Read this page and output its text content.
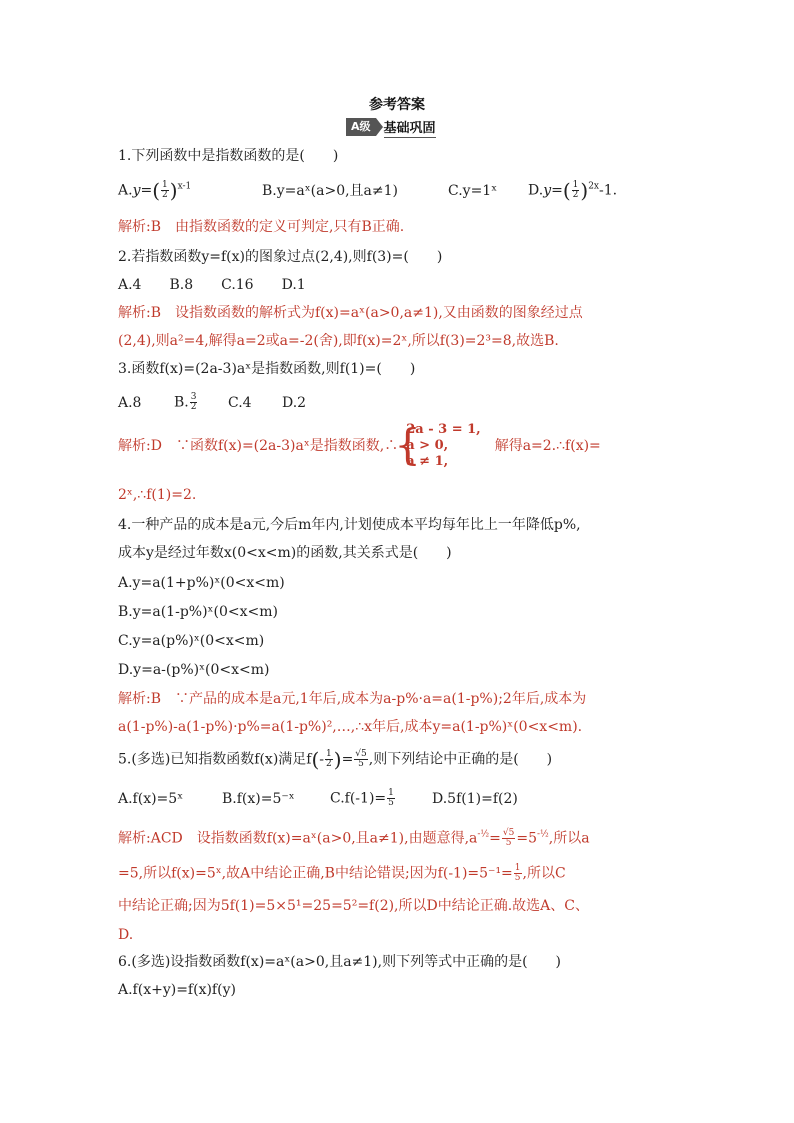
参考答案
A级	基础巩固
1.下列函数中是指数函数的是(　　)
$A.y=( \frac{1}{2} )^{x-1}$	B.y=aˣ(a>0,且a≠1)	C.y=1ˣ $D.y=( \frac{1}{2} )^{2x}-1$.
解析:B　由指数函数的定义可判定,只有B正确.
2.若指数函数y=f(x)的图象过点(2,4),则f(3)=(　　)
A.4　　B.8　　C.16　　D.1
解析:B　设指数函数的解析式为f(x)=aˣ(a>0,a≠1),又由函数的图象经过点
(2,4),则a²=4,解得a=2或a=-2(舍),即f(x)=2ˣ,所以f(3)=2³=8,故选B.
3.函数f(x)=(2a-3)aˣ是指数函数,则f(1)=(　　)
A.8 B. $\frac{3}{2} C.4$ D.2
解析:D　∵函数f(x)=(2a-3)aˣ是指数函数,∴
{ 2a - 3 = 1,
a > 0,
a ≠ 1,
　解得a=2.∴f(x)=
2ˣ,∴f(1)=2.
4.一种产品的成本是a元,今后m年内,计划使成本平均每年比上一年降低p%,
成本y是经过年数x(0<x<m)的函数,其关系式是(　　)
A.y=a(1+p%)ˣ(0<x<m)
B.y=a(1-p%)ˣ(0<x<m)
C.y=a(p%)ˣ(0<x<m)
D.y=a-(p%)ˣ(0<x<m)
解析:B　∵产品的成本是a元,1年后,成本为a-p%·a=a(1-p%);2年后,成本为
a(1-p%)-a(1-p%)·p%=a(1-p%)²,…,∴x年后,成本y=a(1-p%)ˣ(0<x<m).
5.(多选)已知指数函数f(x)满足$f(- \frac{1}{2}$ )= $\frac{√5}{5}$ ,则下列结论中正确的是(　　)
A.f(x)=5ˣ	B.f(x)=5⁻ˣ	$C.f(-1)= \frac{1}{5}$	D.5f(1)=f(2)
解析:ACD　设指数函数f(x)=aˣ(a>0,且a≠1),由题意得$,a^{-\frac{1}{2}}= \frac{√5}{5} =5^{-\frac{1}{2}}$,所以a
=5,所以f(x)=5ˣ,故A中结论正确,B中结论错误;因为$f(-1)=5^{-1}= \frac{1}{5}$ ,所以C
中结论正确;因为5f(1)=5×5¹=25=5²=f(2),所以D中结论正确.故选A、C、
D.
6.(多选)设指数函数f(x)=aˣ(a>0,且a≠1),则下列等式中正确的是(　　)
A.f(x+y)=f(x)f(y)
